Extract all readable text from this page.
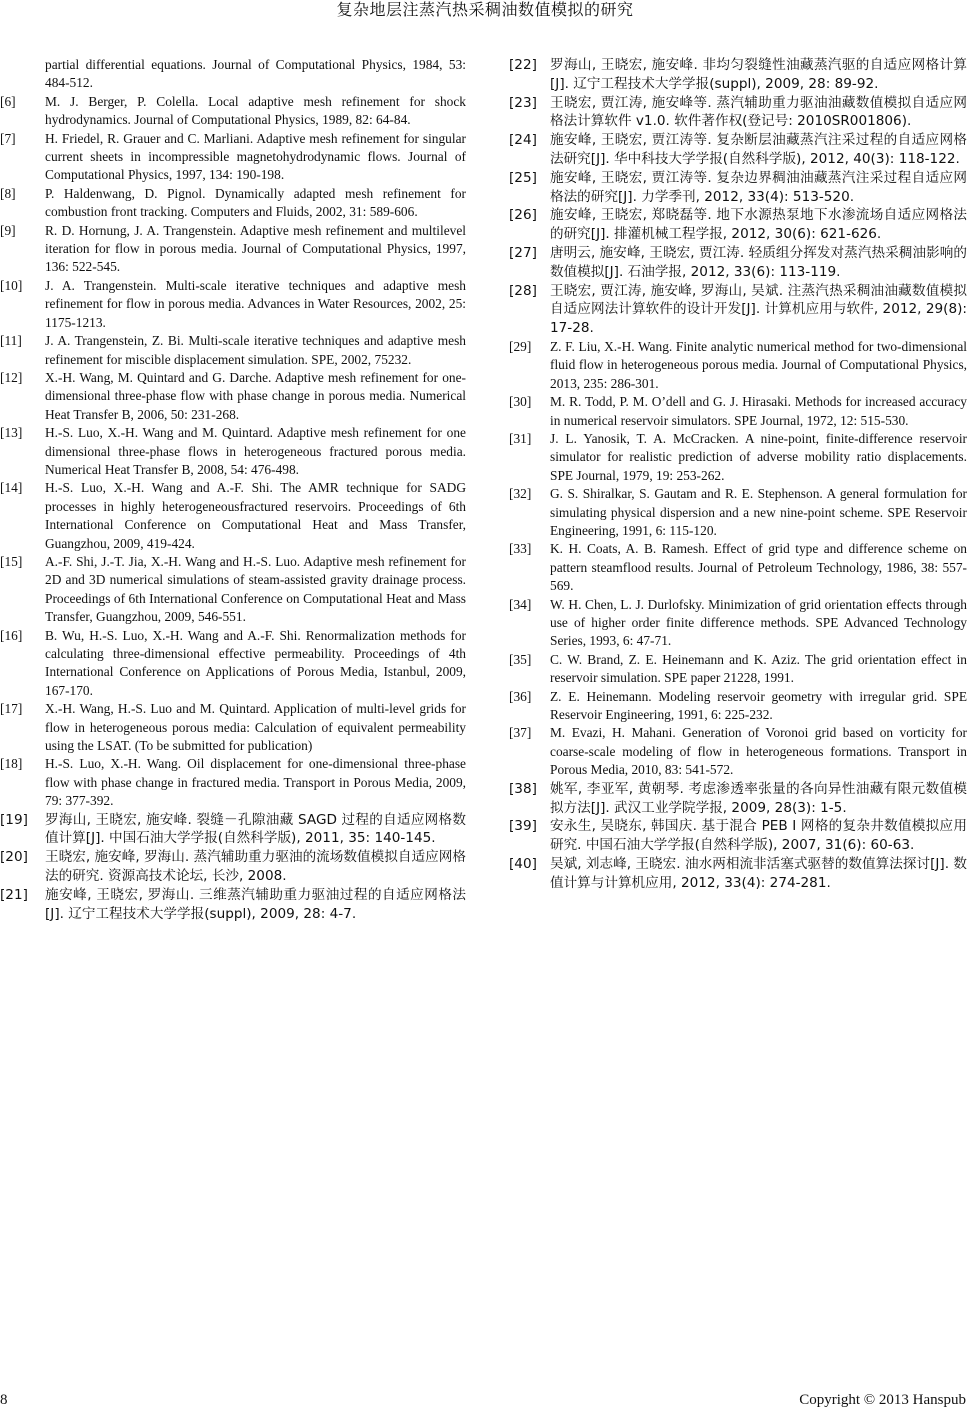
复杂地层注蒸汽热采稠油数值模拟的研究
partial differential equations. Journal of Computational Physics, 1984, 53: 484-512.
[6]	M. J. Berger, P. Colella. Local adaptive mesh refinement for shock hydrodynamics. Journal of Computational Physics, 1989, 82: 64-84.
[7]	H. Friedel, R. Grauer and C. Marliani. Adaptive mesh refinement for singular current sheets in incompressible magnetohydrodynamic flows. Journal of Computational Physics, 1997, 134: 190-198.
[8]	P. Haldenwang, D. Pignol. Dynamically adapted mesh refinement for combustion front tracking. Computers and Fluids, 2002, 31: 589-606.
[9]	R. D. Hornung, J. A. Trangenstein. Adaptive mesh refinement and multilevel iteration for flow in porous media. Journal of Computational Physics, 1997, 136: 522-545.
[10]	J. A. Trangenstein. Multi-scale iterative techniques and adaptive mesh refinement for flow in porous media. Advances in Water Resources, 2002, 25: 1175-1213.
[11]	J. A. Trangenstein, Z. Bi. Multi-scale iterative techniques and adaptive mesh refinement for miscible displacement simulation. SPE, 2002, 75232.
[12]	X.-H. Wang, M. Quintard and G. Darche. Adaptive mesh refinement for one-dimensional three-phase flow with phase change in porous media. Numerical Heat Transfer B, 2006, 50: 231-268.
[13]	H.-S. Luo, X.-H. Wang and M. Quintard. Adaptive mesh refinement for one dimensional three-phase flows in heterogeneous fractured porous media. Numerical Heat Transfer B, 2008, 54: 476-498.
[14]	H.-S. Luo, X.-H. Wang and A.-F. Shi. The AMR technique for SADG processes in highly heterogeneousfractured reservoirs. Proceedings of 6th International Conference on Computational Heat and Mass Transfer, Guangzhou, 2009, 419-424.
[15]	A.-F. Shi, J.-T. Jia, X.-H. Wang and H.-S. Luo. Adaptive mesh refinement for 2D and 3D numerical simulations of steam-assisted gravity drainage process. Proceedings of 6th International Conference on Computational Heat and Mass Transfer, Guangzhou, 2009, 546-551.
[16]	B. Wu, H.-S. Luo, X.-H. Wang and A.-F. Shi. Renormalization methods for calculating three-dimensional effective permeability. Proceedings of 4th International Conference on Applications of Porous Media, Istanbul, 2009, 167-170.
[17]	X.-H. Wang, H.-S. Luo and M. Quintard. Application of multi-level grids for flow in heterogeneous porous media: Calculation of equivalent permeability using the LSAT. (To be submitted for publication)
[18]	H.-S. Luo, X.-H. Wang. Oil displacement for one-dimensional three-phase flow with phase change in fractured media. Transport in Porous Media, 2009, 79: 377-392.
[19]	罗海山, 王晓宏, 施安峰. 裂缝－孔隙油藏 SAGD 过程的自适应网格数值计算[J]. 中国石油大学学报(自然科学版), 2011, 35: 140-145.
[20]	王晓宏, 施安峰, 罗海山. 蒸汽辅助重力驱油的流场数值模拟自适应网格法的研究. 资源高技术论坛, 长沙, 2008.
[21]	施安峰, 王晓宏, 罗海山. 三维蒸汽辅助重力驱油过程的自适应网格法[J]. 辽宁工程技术大学学报(suppl), 2009, 28: 4-7.
[22] 罗海山, 王晓宏, 施安峰. 非均匀裂缝性油藏蒸汽驱的自适应网格计算[J]. 辽宁工程技术大学学报(suppl), 2009, 28: 89-92.
[23] 王晓宏, 贾江涛, 施安峰等. 蒸汽辅助重力驱油油藏数值模拟自适应网格法计算软件 v1.0. 软件著作权(登记号: 2010SR001806).
[24] 施安峰, 王晓宏, 贾江涛等. 复杂断层油藏蒸汽注采过程的自适应网格法研究[J]. 华中科技大学学报(自然科学版), 2012, 40(3): 118-122.
[25] 施安峰, 王晓宏, 贾江涛等. 复杂边界稠油油藏蒸汽注采过程自适应网格法的研究[J]. 力学季刊, 2012, 33(4): 513-520.
[26] 施安峰, 王晓宏, 郑晓磊等. 地下水源热泵地下水渗流场自适应网格法的研究[J]. 排灌机械工程学报, 2012, 30(6): 621-626.
[27] 唐明云, 施安峰, 王晓宏, 贾江涛. 轻质组分挥发对蒸汽热采稠油影响的数值模拟[J]. 石油学报, 2012, 33(6): 113-119.
[28] 王晓宏, 贾江涛, 施安峰, 罗海山, 吴斌. 注蒸汽热采稠油油藏数值模拟自适应网法计算软件的设计开发[J]. 计算机应用与软件, 2012, 29(8): 17-28.
[29]	Z. F. Liu, X.-H. Wang. Finite analytic numerical method for two-dimensional fluid flow in heterogeneous porous media. Journal of Computational Physics, 2013, 235: 286-301.
[30]	M. R. Todd, P. M. O’dell and G. J. Hirasaki. Methods for increased accuracy in numerical reservoir simulators. SPE Journal, 1972, 12: 515-530.
[31]	J. L. Yanosik, T. A. McCracken. A nine-point, finite-difference reservoir simulator for realistic prediction of adverse mobility ratio displacements. SPE Journal, 1979, 19: 253-262.
[32]	G. S. Shiralkar, S. Gautam and R. E. Stephenson. A general formulation for simulating physical dispersion and a new nine-point scheme. SPE Reservoir Engineering, 1991, 6: 115-120.
[33]	K. H. Coats, A. B. Ramesh. Effect of grid type and difference scheme on pattern steamflood results. Journal of Petroleum Technology, 1986, 38: 557-569.
[34]	W. H. Chen, L. J. Durlofsky. Minimization of grid orientation effects through use of higher order finite difference methods. SPE Advanced Technology Series, 1993, 6: 47-71.
[35]	C. W. Brand, Z. E. Heinemann and K. Aziz. The grid orientation effect in reservoir simulation. SPE paper 21228, 1991.
[36]	Z. E. Heinemann. Modeling reservoir geometry with irregular grid. SPE Reservoir Engineering, 1991, 6: 225-232.
[37]	M. Evazi, H. Mahani. Generation of Voronoi grid based on vorticity for coarse-scale modeling of flow in heterogeneous formations. Transport in Porous Media, 2010, 83: 541-572.
[38] 姚军, 李亚军, 黄朝琴. 考虑渗透率张量的各向异性油藏有限元数值模拟方法[J]. 武汉工业学院学报, 2009, 28(3): 1-5.
[39] 安永生, 吴晓东, 韩国庆. 基于混合 PEB I 网格的复杂井数值模拟应用研究. 中国石油大学学报(自然科学版), 2007, 31(6): 60-63.
[40] 吴斌, 刘志峰, 王晓宏. 油水两相流非活塞式驱替的数值算法探讨[J]. 数值计算与计算机应用, 2012, 33(4): 274-281.
8	Copyright © 2013 Hanspub
